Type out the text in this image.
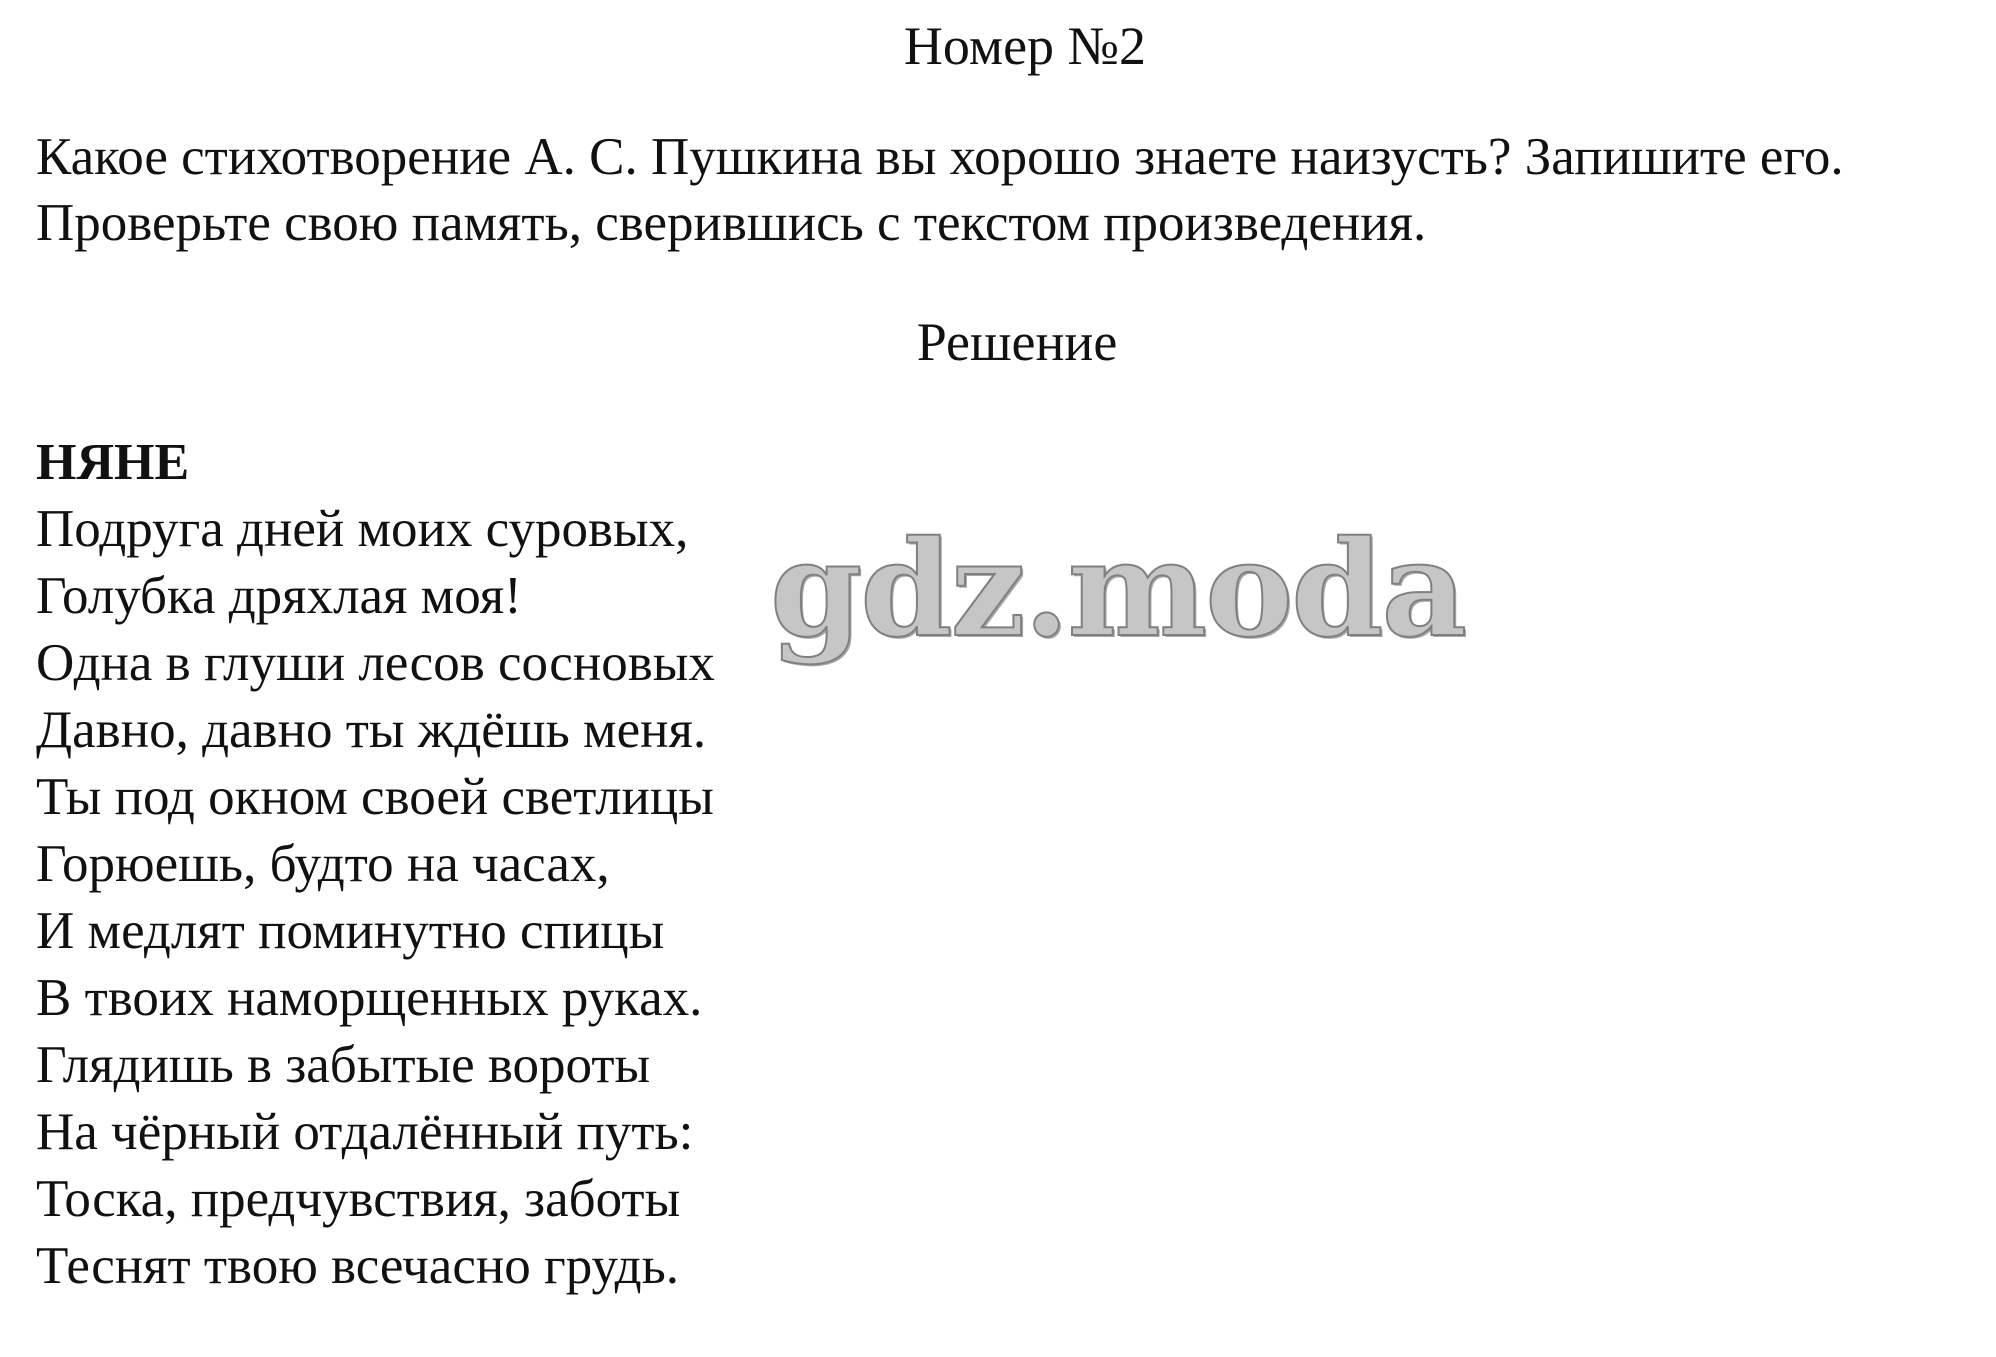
Номер №2
Какое стихотворение А. С. Пушкина вы хорошо знаете наизусть? Запишите его. Проверьте свою память, сверившись с текстом произведения.
Решение
НЯНЕ
Подруга дней моих суровых,
Голубка дряхлая моя!
Одна в глуши лесов сосновых
Давно, давно ты ждёшь меня.
Ты под окном своей светлицы
Горюешь, будто на часах,
И медлят поминутно спицы
В твоих наморщенных руках.
Глядишь в забытые вороты
На чёрный отдалённый путь:
Тоска, предчувствия, заботы
Теснят твою всечасно грудь.
gdz.moda
